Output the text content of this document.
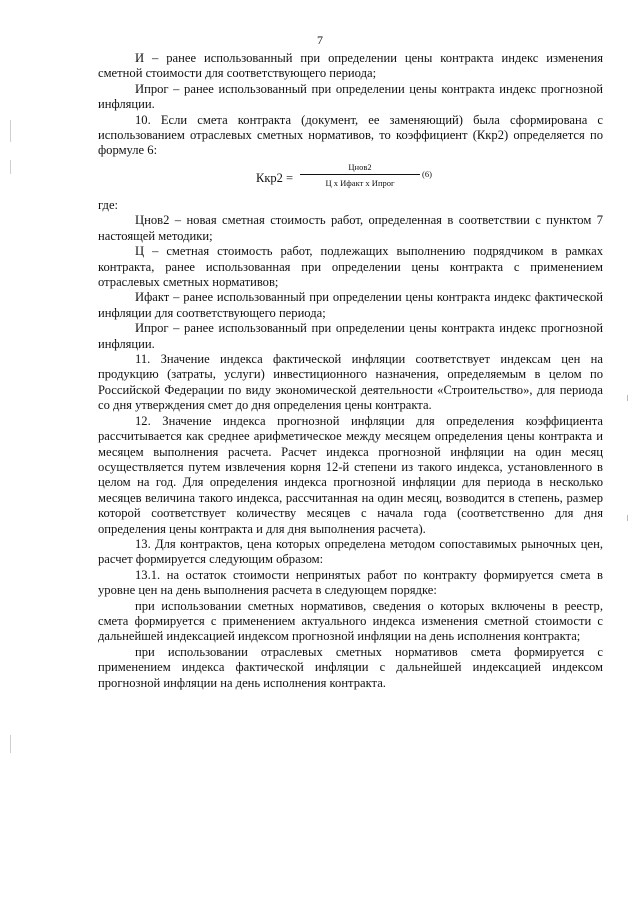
7

И – ранее использованный при определении цены контракта индекс изменения сметной стоимости для соответствующего периода;

Ипрог – ранее использованный при определении цены контракта индекс прогнозной инфляции.

10. Если смета контракта (документ, ее заменяющий) была сформирована с использованием отраслевых сметных нормативов, то коэффициент (Ккр2) определяется по формуле 6:

Ккр2 =
Цнов2
Ц х Ифакт х Ипрог
(6)

где:

Цнов2 – новая сметная стоимость работ, определенная в соответствии с пунктом 7 настоящей методики;

Ц – сметная стоимость работ, подлежащих выполнению подрядчиком в рамках контракта, ранее использованная при определении цены контракта с применением отраслевых сметных нормативов;

Ифакт – ранее использованный при определении цены контракта индекс фактической инфляции для соответствующего периода;

Ипрог – ранее использованный при определении цены контракта индекс прогнозной инфляции.

11. Значение индекса фактической инфляции соответствует индексам цен на продукцию (затраты, услуги) инвестиционного назначения, определяемым в целом по Российской Федерации по виду экономической деятельности «Строительство», для периода со дня утверждения смет до дня определения цены контракта.

12. Значение индекса прогнозной инфляции для определения коэффициента рассчитывается как среднее арифметическое между месяцем определения цены контракта и месяцем выполнения расчета. Расчет индекса прогнозной инфляции на один месяц осуществляется путем извлечения корня 12-й степени из такого индекса, установленного в целом на год. Для определения индекса прогнозной инфляции для периода в несколько месяцев величина такого индекса, рассчитанная на один месяц, возводится в степень, размер которой соответствует количеству месяцев с начала года (соответственно для дня определения цены контракта и для дня выполнения расчета).

13. Для контрактов, цена которых определена методом сопоставимых рыночных цен, расчет формируется следующим образом:

13.1. на остаток стоимости непринятых работ по контракту формируется смета в уровне цен на день выполнения расчета в следующем порядке:

при использовании сметных нормативов, сведения о которых включены в реестр, смета формируется с применением актуального индекса изменения сметной стоимости с дальнейшей индексацией индексом прогнозной инфляции на день исполнения контракта;

при использовании отраслевых сметных нормативов смета формируется с применением индекса фактической инфляции с дальнейшей индексацией индексом прогнозной инфляции на день исполнения контракта.
